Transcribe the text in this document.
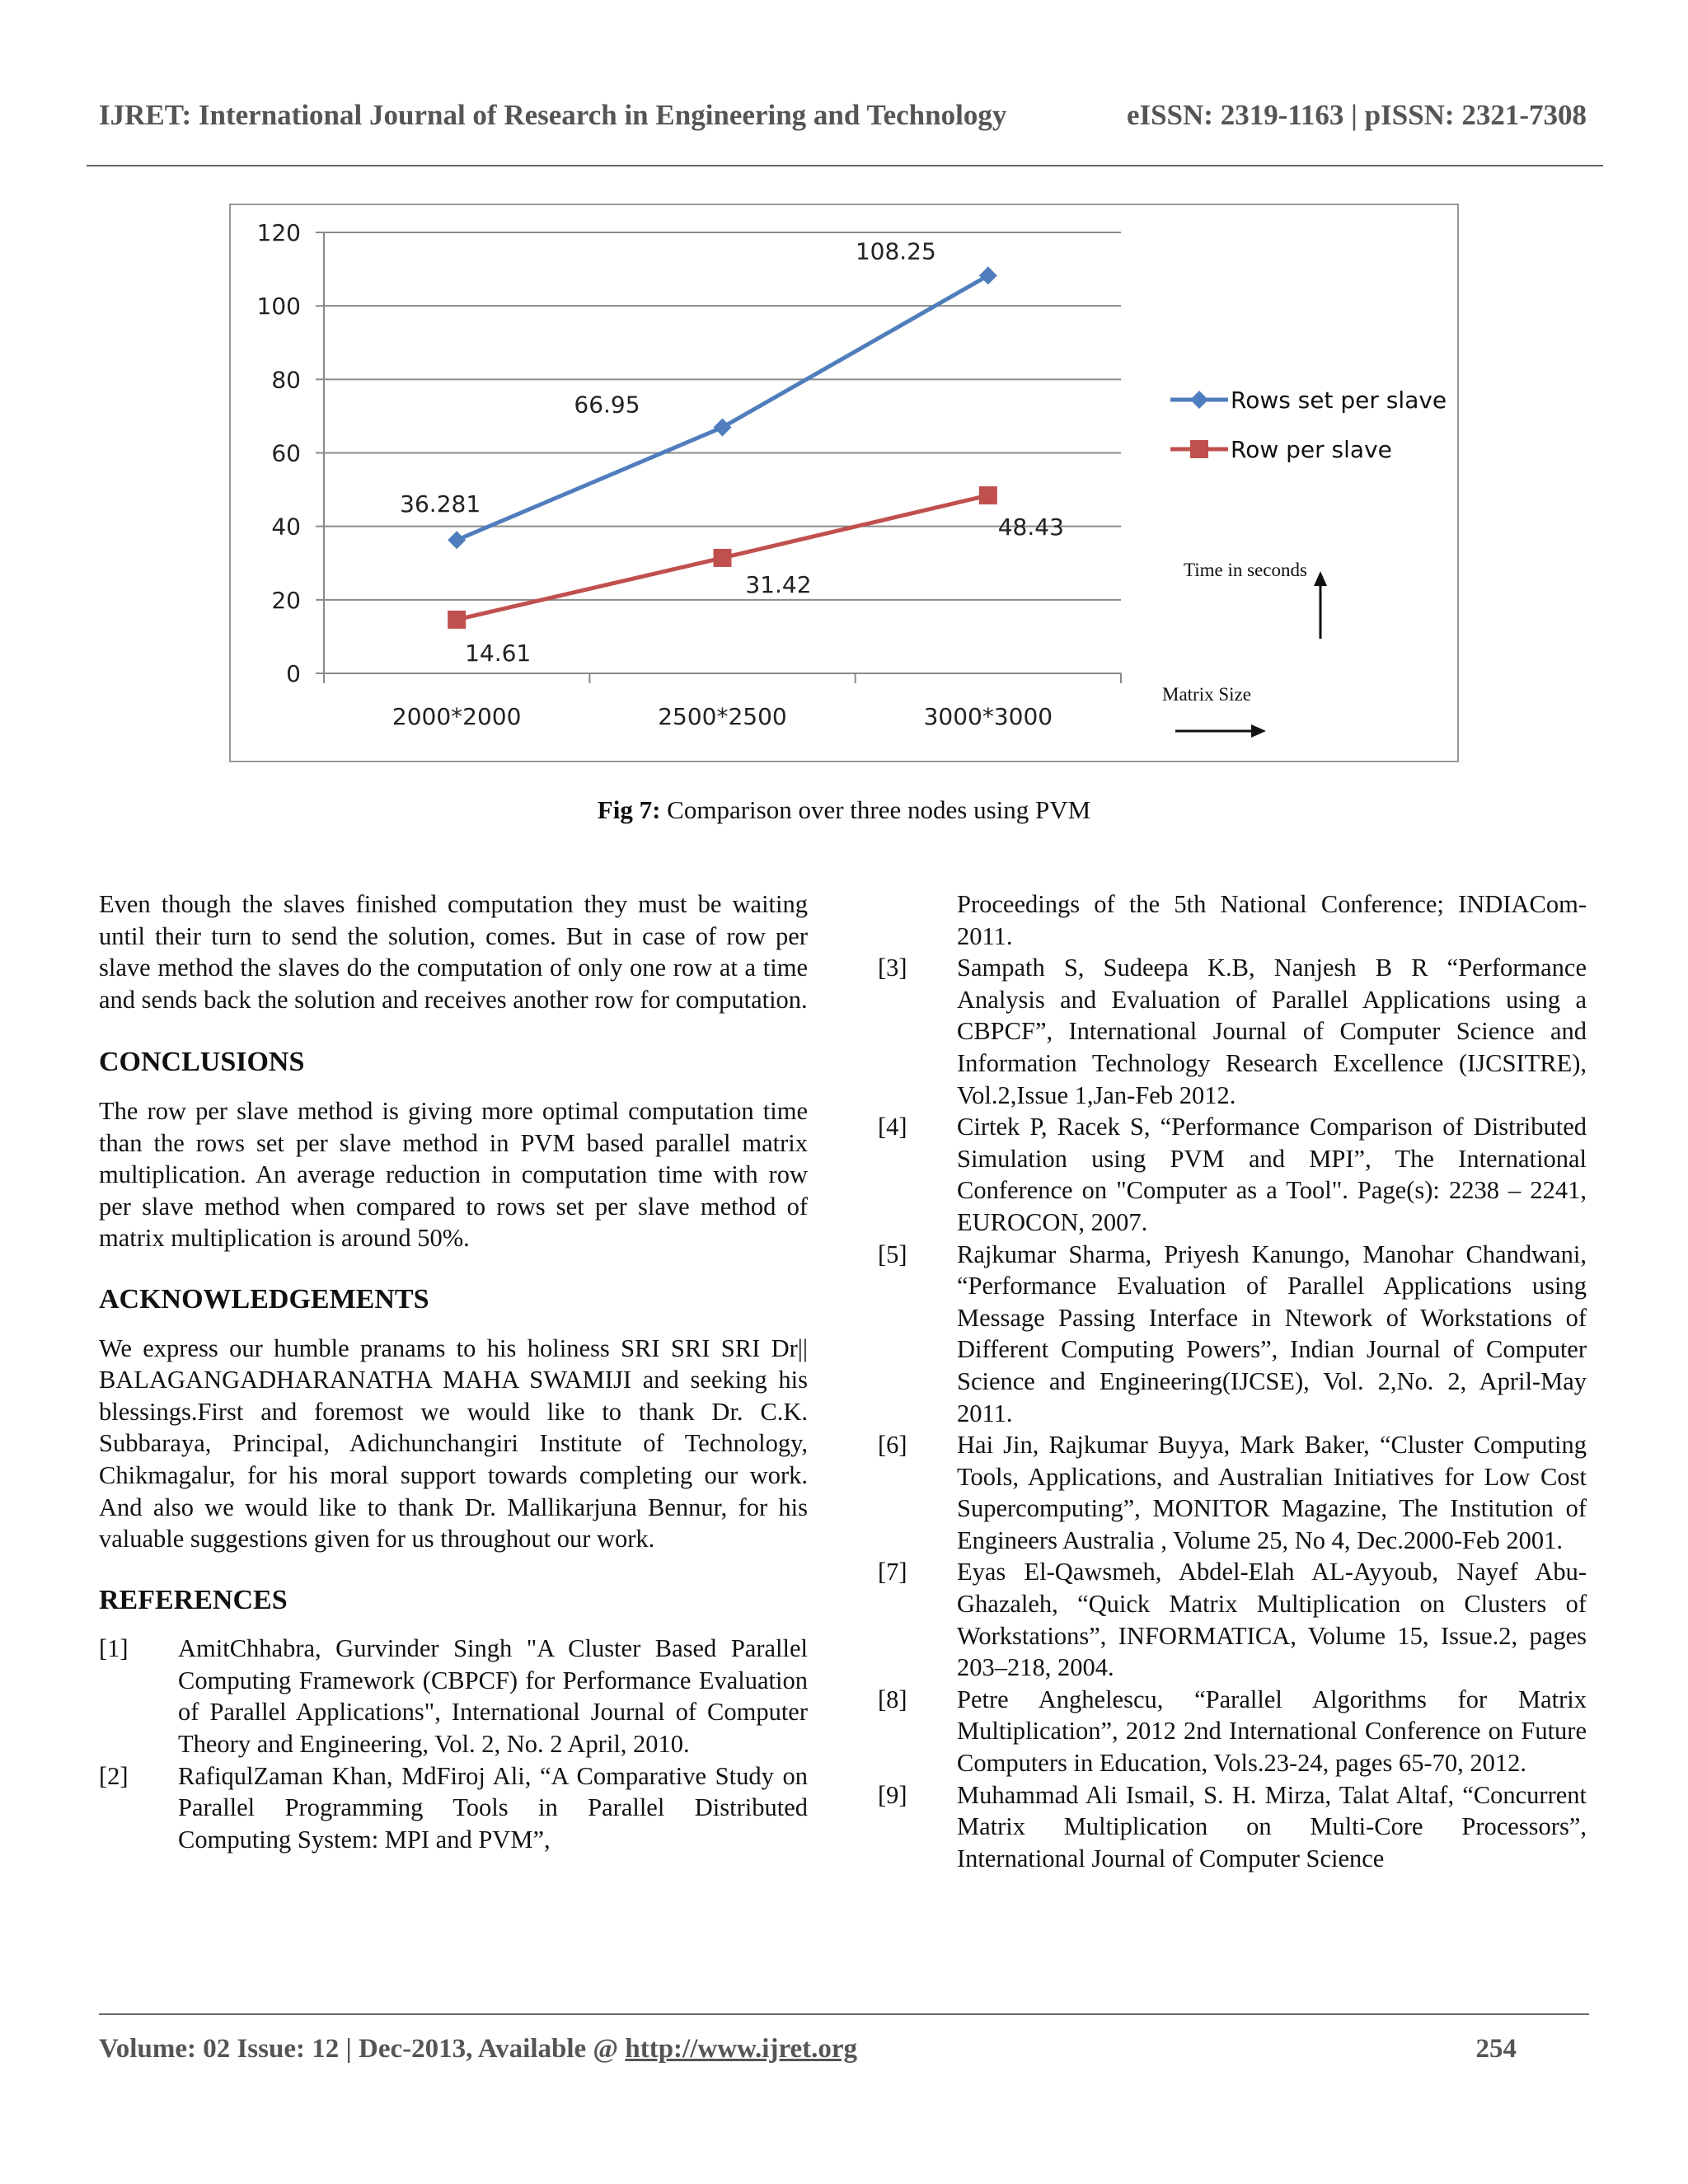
IJRET: International Journal of Research in Engineering and Technology	eISSN: 2319-1163 | pISSN: 2321-7308
0
20
40
60
80
100
120
2000*2000	2500*2500	3000*3000
36.281
66.95
108.25
14.61
31.42
48.43
Rows set per slave
Row per slave
Time in seconds
Matrix Size
Fig 7: Comparison over three nodes using PVM

Even though the slaves finished computation they must be waiting until their turn to send the solution, comes. But in case of row per slave method the slaves do the computation of only one row at a time and sends back the solution and receives another row for computation.

CONCLUSIONS

The row per slave method is giving more optimal computation time than the rows set per slave method in PVM based parallel matrix multiplication. An average reduction in computation time with row per slave method when compared to rows set per slave method of matrix multiplication is around 50%.

ACKNOWLEDGEMENTS

We express our humble pranams to his holiness SRI SRI SRI Dr|| BALAGANGADHARANATHA MAHA SWAMIJI and seeking his blessings.First and foremost we would like to thank Dr. C.K. Subbaraya, Principal, Adichunchangiri Institute of Technology, Chikmagalur, for his moral support towards completing our work. And also we would like to thank Dr. Mallikarjuna Bennur, for his valuable suggestions given for us throughout our work.

REFERENCES
[1]	AmitChhabra, Gurvinder Singh "A Cluster Based Parallel Computing Framework (CBPCF) for Performance Evaluation of Parallel Applications", International Journal of Computer Theory and Engineering, Vol. 2, No. 2 April, 2010.
[2]	RafiqulZaman Khan, MdFiroj Ali, “A Comparative Study on Parallel Programming Tools in Parallel Distributed Computing System: MPI and PVM”,
Proceedings of the 5th National Conference; INDIACom-2011.
[3]	Sampath S, Sudeepa K.B, Nanjesh B R “Performance Analysis and Evaluation of Parallel Applications using a CBPCF”, International Journal of Computer Science and Information Technology Research Excellence (IJCSITRE), Vol.2,Issue 1,Jan-Feb 2012.
[4]	Cirtek P, Racek S, “Performance Comparison of Distributed Simulation using PVM and MPI”, The International Conference on "Computer as a Tool". Page(s): 2238 – 2241, EUROCON, 2007.
[5]	Rajkumar Sharma, Priyesh Kanungo, Manohar Chandwani, “Performance Evaluation of Parallel Applications using Message Passing Interface in Ntework of Workstations of Different Computing Powers”, Indian Journal of Computer Science and Engineering(IJCSE), Vol. 2,No. 2, April-May 2011.
[6]	Hai Jin, Rajkumar Buyya, Mark Baker, “Cluster Computing Tools, Applications, and Australian Initiatives for Low Cost Supercomputing”, MONITOR Magazine, The Institution of Engineers Australia , Volume 25, No 4, Dec.2000-Feb 2001.
[7]	Eyas El-Qawsmeh, Abdel-Elah AL-Ayyoub, Nayef Abu-Ghazaleh, “Quick Matrix Multiplication on Clusters of Workstations”, INFORMATICA, Volume 15, Issue.2, pages 203–218, 2004.
[8]	Petre Anghelescu, “Parallel Algorithms for Matrix Multiplication”, 2012 2nd International Conference on Future Computers in Education, Vols.23-24, pages 65-70, 2012.
[9]	Muhammad Ali Ismail, S. H. Mirza, Talat Altaf, “Concurrent Matrix Multiplication on Multi-Core Processors”, International Journal of Computer Science
Volume: 02 Issue: 12 | Dec-2013, Available @ http://www.ijret.org	254
